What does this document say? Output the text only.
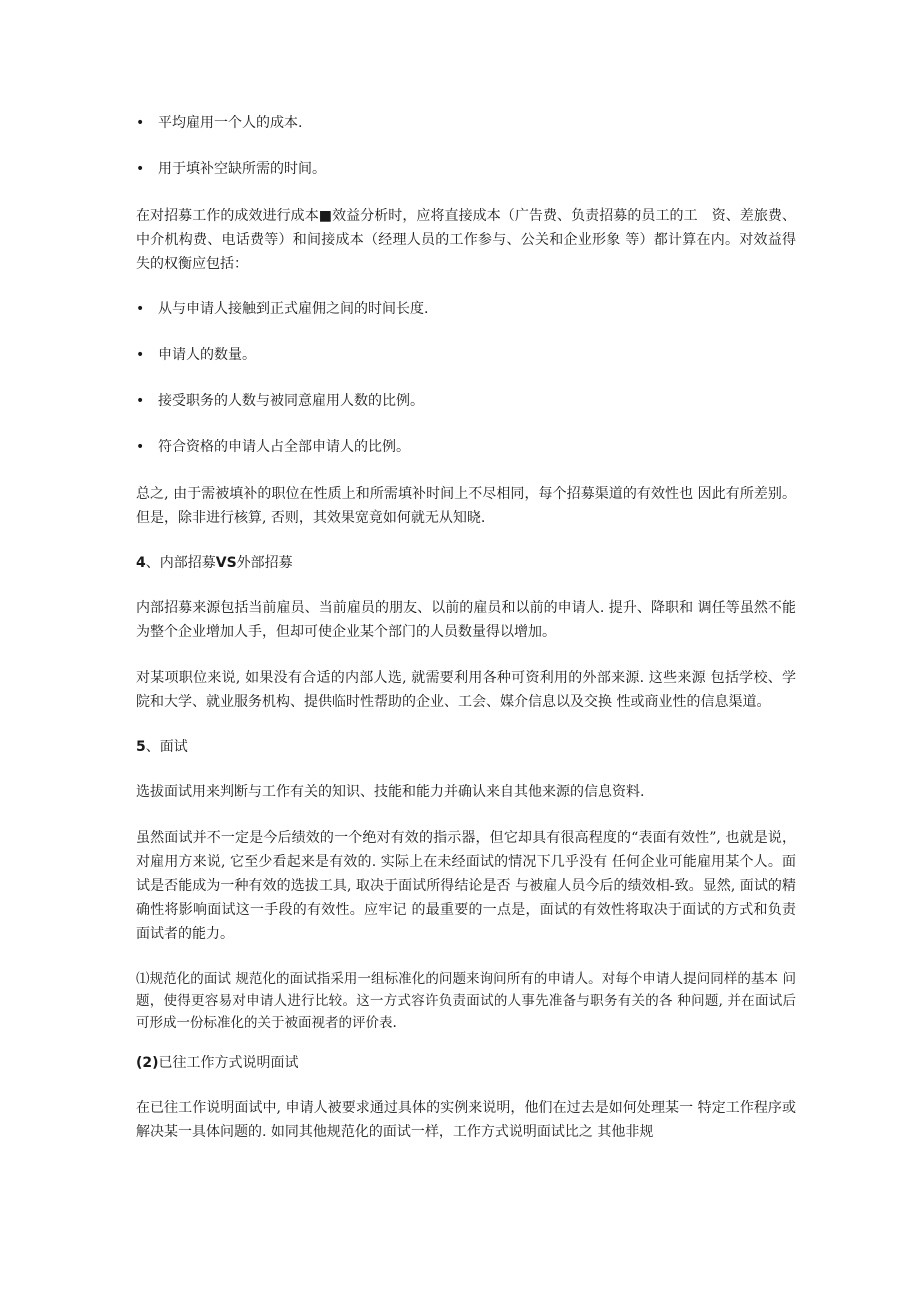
• 平均雇用一个人的成本.
• 用于填补空缺所需的时间。

在对招募工作的成效进行成本■效益分析时，应将直接成本（广告费、负责招募的员工的工　资、差旅费、中介机构费、电话费等）和间接成本（经理人员的工作参与、公关和企业形象 等）都计算在内。对效益得失的权衡应包括：

• 从与申请人接触到正式雇佣之间的时间长度.
• 申请人的数量。
• 接受职务的人数与被同意雇用人数的比例。
• 符合资格的申请人占全部申请人的比例。

总之, 由于需被填补的职位在性质上和所需填补时间上不尽相同，每个招募渠道的有效性也 因此有所差别。但是，除非进行核算, 否则，其效果宽竟如何就无从知晓.

4、内部招募VS外部招募

内部招募来源包括当前雇员、当前雇员的朋友、以前的雇员和以前的申请人. 提升、降职和 调任等虽然不能为整个企业增加人手，但却可使企业某个部门的人员数量得以增加。

对某项职位来说, 如果没有合适的内部人选, 就需要利用各种可资利用的外部来源. 这些来源 包括学校、学院和大学、就业服务机构、提供临时性帮助的企业、工会、媒介信息以及交换 性或商业性的信息渠道。

5、面试

选拔面试用来判断与工作有关的知识、技能和能力并确认来自其他来源的信息资料.

虽然面试并不一定是今后绩效的一个绝对有效的指示器，但它却具有很高程度的“表面有效性”, 也就是说，对雇用方来说, 它至少看起来是有效的. 实际上在未经面试的情况下几乎没有 任何企业可能雇用某个人。面试是否能成为一种有效的选拔工具, 取决于面试所得结论是否 与被雇人员今后的绩效相-致。显然, 面试的精确性将影响面试这一手段的有效性。应牢记 的最重要的一点是，面试的有效性将取决于面试的方式和负责面试者的能力。

⑴规范化的面试 规范化的面试指采用一组标准化的问题来询问所有的申请人。对每个申请人提问同样的基本 问题，使得更容易对申请人进行比较。这一方式容许负责面试的人事先准备与职务有关的各 种问题, 并在面试后可形成一份标准化的关于被面视者的评价表.

(2)已往工作方式说明面试

在已往工作说明面试中, 申请人被要求通过具体的实例来说明，他们在过去是如何处理某一 特定工作程序或解决某一具体问题的. 如同其他规范化的面试一样，工作方式说明面试比之 其他非规
